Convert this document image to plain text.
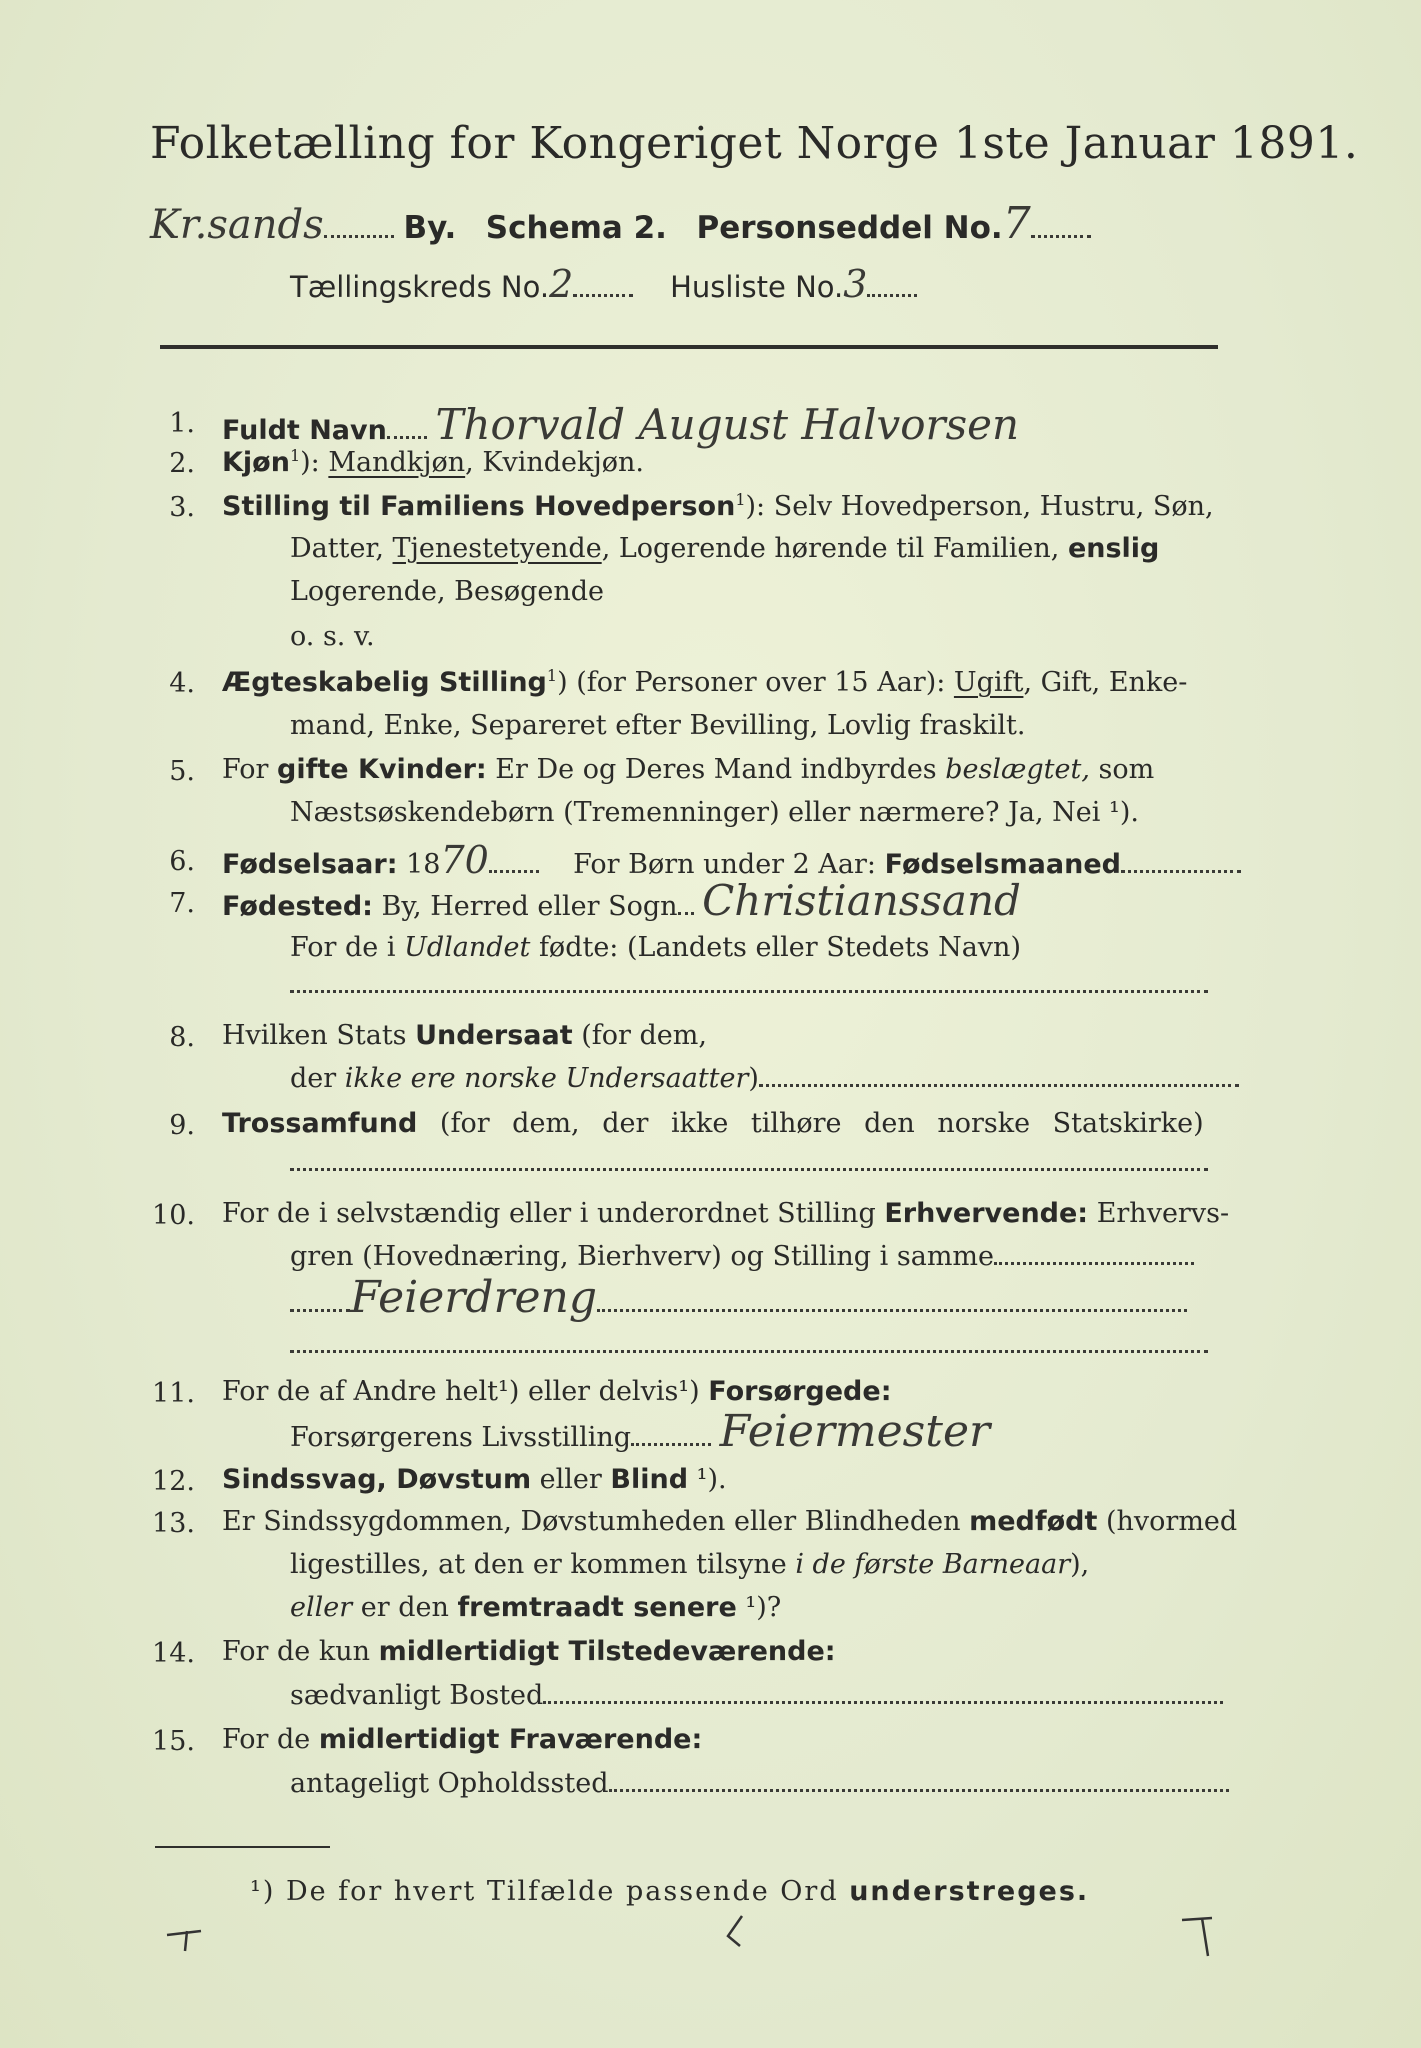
Folketælling for Kongeriget Norge 1ste Januar 1891.
Kr.sands	By. Schema 2. Personseddel No.7
Tællingskreds No.2	Husliste No.3
1. Fuldt Navn Thorvald August Halvorsen
2. Kjøn$^1$): Mandkjøn, Kvindekjøn.
3. Stilling til Familiens Hovedperson$^1$): Selv Hovedperson, Hustru, Søn,
Datter, Tjenestetyende, Logerende hørende til Familien, enslig
Logerende, Besøgende
o. s. v.
4. Ægteskabelig Stilling$^1$) (for Personer over 15 Aar): Ugift, Gift, Enke-
mand, Enke, Separeret efter Bevilling, Lovlig fraskilt.
5. For gifte Kvinder: Er De og Deres Mand indbyrdes beslægtet, som
Næstsøskendebørn (Tremenninger) eller nærmere? Ja, Nei ¹).
6. Fødselsaar: 1870	For Børn under 2 Aar: Fødselsmaaned
7. Fødested: By, Herred eller Sogn Christianssand
For de i Udlandet fødte: (Landets eller Stedets Navn)
8. Hvilken Stats Undersaat (for dem,
der ikke ere norske Undersaatter)
9. Trossamfund (for dem, der ikke tilhøre den norske Statskirke)
10. For de i selvstændig eller i underordnet Stilling Erhvervende: Erhvervs-
gren (Hovednæring, Bierhverv) og Stilling i samme
Feierdreng
11. For de af Andre helt¹) eller delvis¹) Forsørgede:
Forsørgerens Livsstilling Feiermester
12. Sindssvag, Døvstum eller Blind ¹).
13. Er Sindssygdommen, Døvstumheden eller Blindheden medfødt (hvormed
ligestilles, at den er kommen tilsyne i de første Barneaar),
eller er den fremtraadt senere ¹)?
14. For de kun midlertidigt Tilstedeværende:
sædvanligt Bosted
15. For de midlertidigt Fraværende:
antageligt Opholdssted
¹) De for hvert Tilfælde passende Ord understreges.
